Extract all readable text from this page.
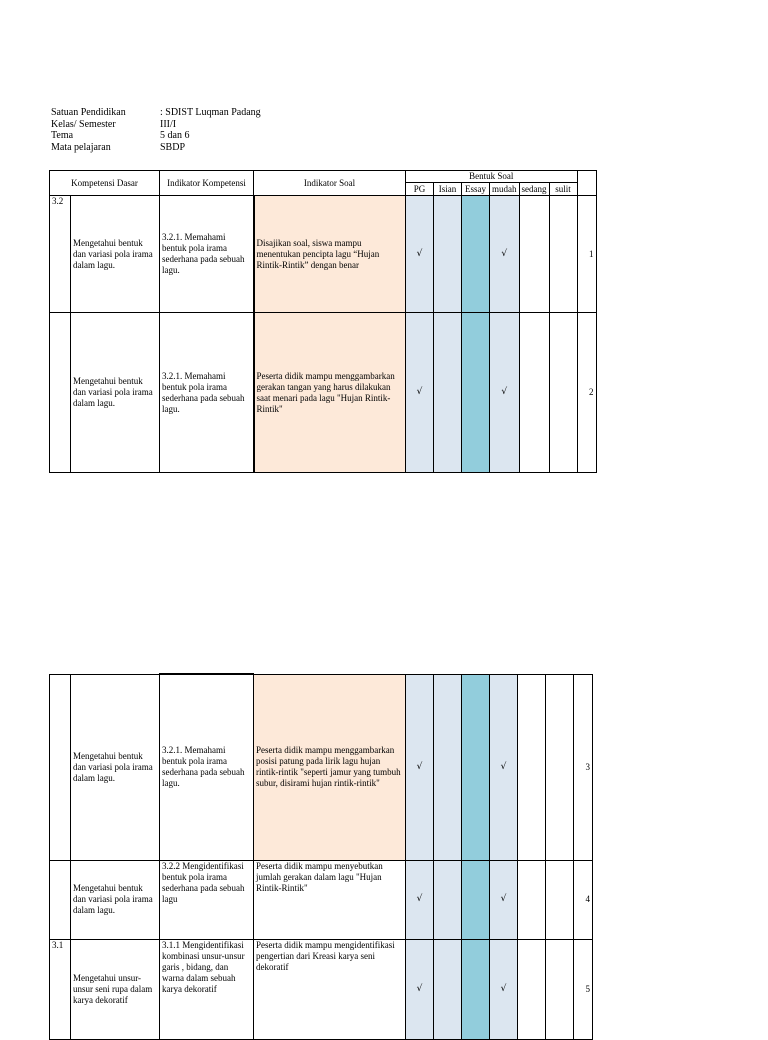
Satuan Pendidikan	: SDIST Luqman Padang
Kelas/ Semester	III/I
Tema	5 dan 6
Mata pelajaran	SBDP
Kompetensi Dasar		Indikator Kompetensi	Indikator Soal	Bentuk Soal						
				PG	Isian	Essay	mudah	sedang	sulit	
3.2	Mengetahui bentuk dan variasi pola irama dalam lagu.	3.2.1. Memahami bentuk pola irama sederhana pada sebuah lagu.	Disajikan soal, siswa mampu menentukan pencipta lagu “Hujan Rintik-Rintik” dengan benar	√			√			1
	Mengetahui bentuk dan variasi pola irama dalam lagu.	3.2.1. Memahami bentuk pola irama sederhana pada sebuah lagu.	Peserta didik mampu menggambarkan gerakan tangan yang harus dilakukan saat menari pada lagu "Hujan Rintik-Rintik"	√			√			2
	Mengetahui bentuk dan variasi pola irama dalam lagu.	3.2.1. Memahami bentuk pola irama sederhana pada sebuah lagu.	Peserta didik mampu menggambarkan posisi patung pada lirik lagu hujan rintik-rintik "seperti jamur yang tumbuh subur, disirami hujan rintik-rintik"	√			√			3
	Mengetahui bentuk dan variasi pola irama dalam lagu.	3.2.2 Mengidentifikasi bentuk pola irama sederhana pada sebuah lagu	Peserta didik mampu menyebutkan jumlah gerakan dalam lagu "Hujan Rintik-Rintik"	√			√			4
3.1	Mengetahui unsur-unsur seni rupa dalam karya dekoratif	3.1.1 Mengidentifikasi kombinasi unsur-unsur garis , bidang, dan warna dalam sebuah karya dekoratif	Peserta didik mampu mengidentifikasi pengertian dari Kreasi karya seni dekoratif	√			√			5
